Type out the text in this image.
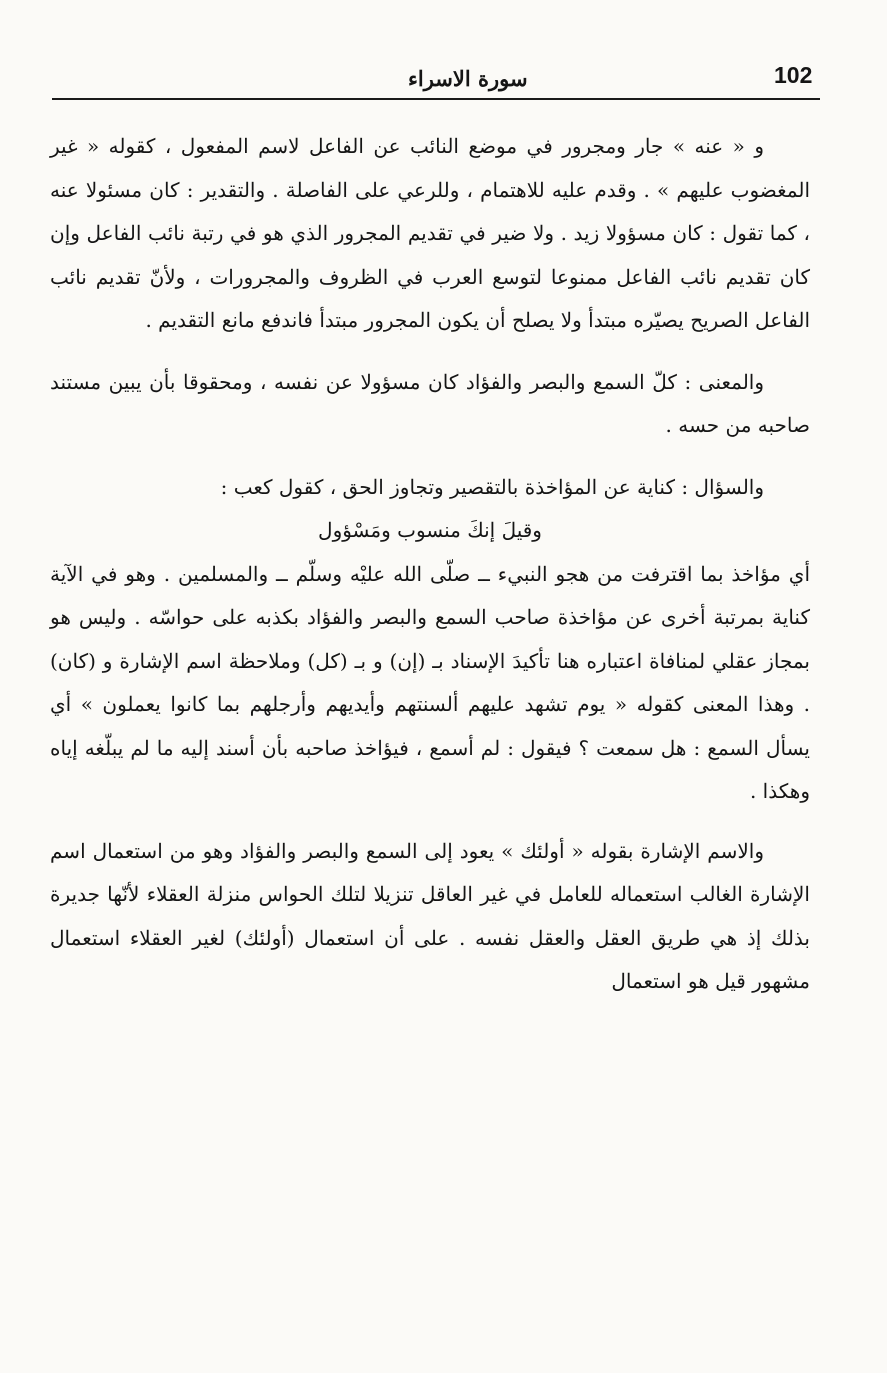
102
سورة الاسراء

و « عنه » جار ومجرور في موضع النائب عن الفاعل لاسم المفعول ، كقوله « غير المغضوب عليهم » . وقدم عليه للاهتمام ، وللرعي على الفاصلة . والتقدير : كان مسئولا عنه ، كما تقول : كان مسؤولا زيد . ولا ضير في تقديم المجرور الذي هو في رتبة نائب الفاعل وإن كان تقديم نائب الفاعل ممنوعا لتوسع العرب في الظروف والمجرورات ، ولأنّ تقديم نائب الفاعل الصريح يصيّره مبتدأ ولا يصلح أن يكون المجرور مبتدأ فاندفع مانع التقديم .

والمعنى : كلّ السمع والبصر والفؤاد كان مسؤولا عن نفسه ، ومحقوقا بأن يبين مستند صاحبه من حسه .

والسؤال : كناية عن المؤاخذة بالتقصير وتجاوز الحق ، كقول كعب :

وقيلَ إنكَ منسوب ومَسْؤول

أي مؤاخذ بما اقترفت من هجو النبيء ــ صلّى الله عليْه وسلّم ــ والمسلمين . وهو في الآية كناية بمرتبة أخرى عن مؤاخذة صاحب السمع والبصر والفؤاد بكذبه على حواسّه . وليس هو بمجاز عقلي لمنافاة اعتباره هنا تأكيدَ الإسناد بـ (إن) و بـ (كل) وملاحظة اسم الإشارة و (كان) . وهذا المعنى كقوله « يوم تشهد عليهم ألسنتهم وأيديهم وأرجلهم بما كانوا يعملون » أي يسأل السمع : هل سمعت ؟ فيقول : لم أسمع ، فيؤاخذ صاحبه بأن أسند إليه ما لم يبلّغه إياه وهكذا .

والاسم الإشارة بقوله « أولئك » يعود إلى السمع والبصر والفؤاد وهو من استعمال اسم الإشارة الغالب استعماله للعامل في غير العاقل تنزيلا لتلك الحواس منزلة العقلاء لأنّها جديرة بذلك إذ هي طريق العقل والعقل نفسه . على أن استعمال (أولئك) لغير العقلاء استعمال مشهور قيل هو استعمال
